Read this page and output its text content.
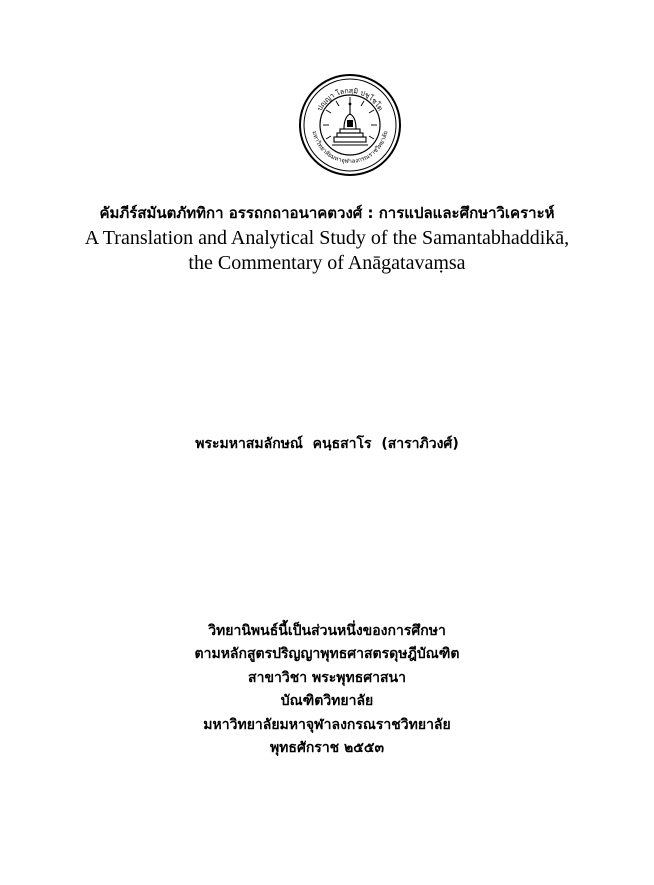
ปญฺญา โลกสฺมิ ปชฺโชโต
มหาวิทยาลัยมหาจุฬาลงกรณราชวิทยาลัย
คัมภีร์สมันตภัททิกา อรรถกถาอนาคตวงศ์ : การแปลและศึกษาวิเคราะห์
A Translation and Analytical Study of the Samantabhaddikā,
the Commentary of Anāgatavaṃsa
พระมหาสมลักษณ์  คนฺธสาโร  (สาราภิวงศ์)
วิทยานิพนธ์นี้เป็นส่วนหนึ่งของการศึกษา
ตามหลักสูตรปริญญาพุทธศาสตรดุษฎีบัณฑิต
สาขาวิชา พระพุทธศาสนา
บัณฑิตวิทยาลัย
มหาวิทยาลัยมหาจุฬาลงกรณราชวิทยาลัย
พุทธศักราช ๒๕๕๓
